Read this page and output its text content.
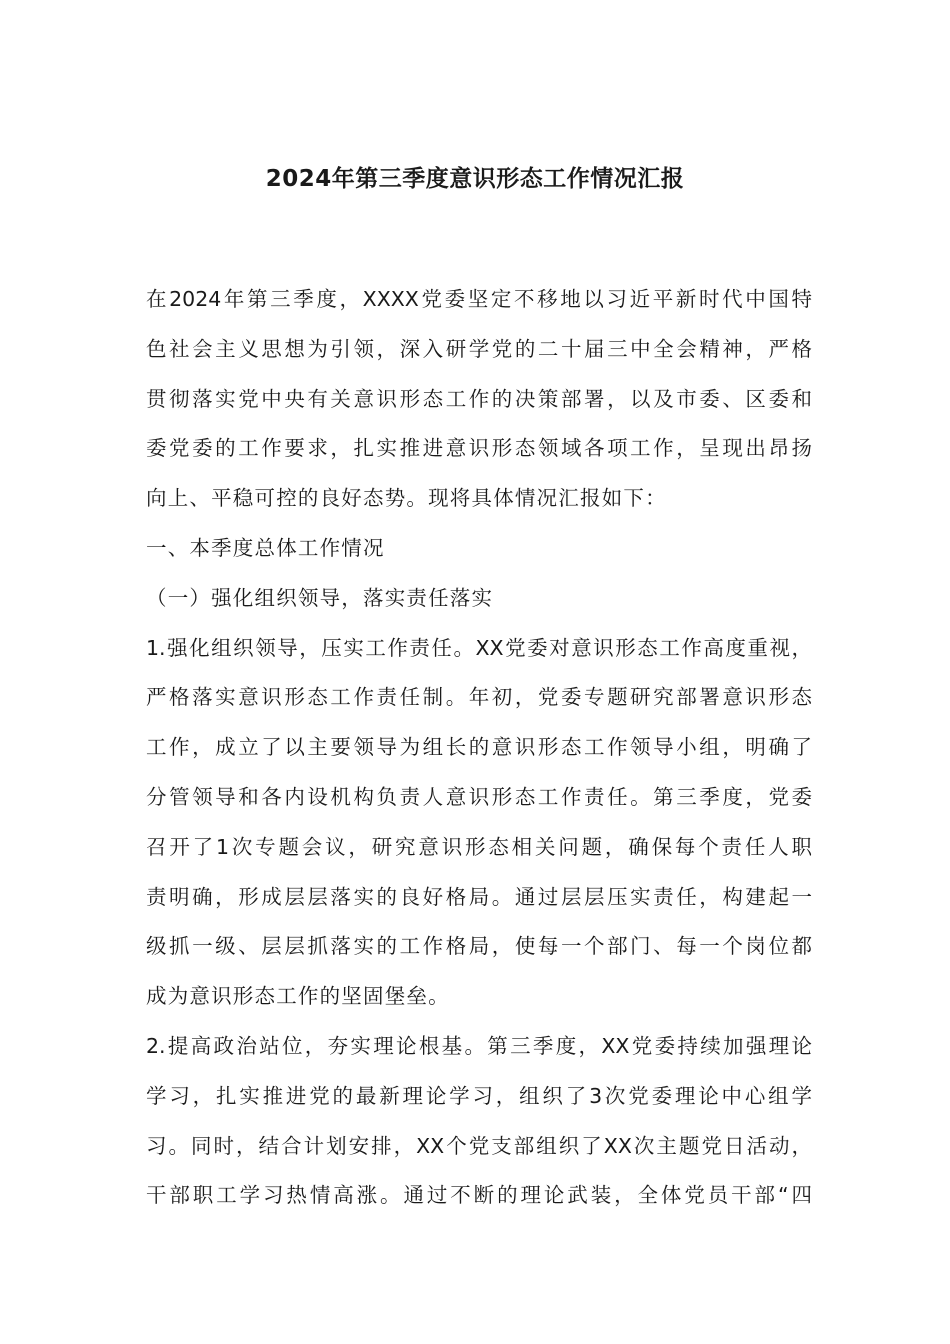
2024年第三季度意识形态工作情况汇报
在2024年第三季度，XXXX党委坚定不移地以习近平新时代中国特
色社会主义思想为引领，深入研学党的二十届三中全会精神，严格
贯彻落实党中央有关意识形态工作的决策部署，以及市委、区委和
委党委的工作要求，扎实推进意识形态领域各项工作，呈现出昂扬
向上、平稳可控的良好态势。现将具体情况汇报如下：
一、本季度总体工作情况
（一）强化组织领导，落实责任落实
1.强化组织领导，压实工作责任。XX党委对意识形态工作高度重视，
严格落实意识形态工作责任制。年初，党委专题研究部署意识形态
工作，成立了以主要领导为组长的意识形态工作领导小组，明确了
分管领导和各内设机构负责人意识形态工作责任。第三季度，党委
召开了1次专题会议，研究意识形态相关问题，确保每个责任人职
责明确，形成层层落实的良好格局。通过层层压实责任，构建起一
级抓一级、层层抓落实的工作格局，使每一个部门、每一个岗位都
成为意识形态工作的坚固堡垒。
2.提高政治站位，夯实理论根基。第三季度，XX党委持续加强理论
学习，扎实推进党的最新理论学习，组织了3次党委理论中心组学
习。同时，结合计划安排，XX个党支部组织了XX次主题党日活动，
干部职工学习热情高涨。通过不断的理论武装，全体党员干部“四
